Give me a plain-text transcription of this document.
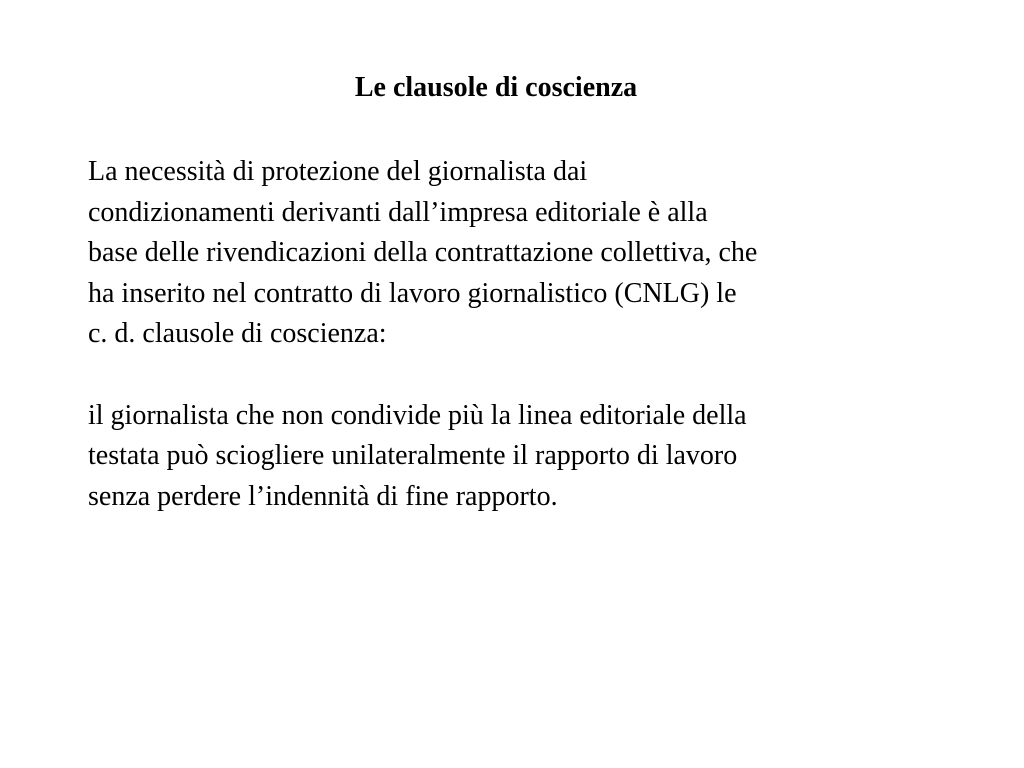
Le clausole di coscienza
La necessità di protezione del giornalista dai
condizionamenti derivanti dall’impresa editoriale è alla
base delle rivendicazioni della contrattazione collettiva, che
ha inserito nel contratto di lavoro giornalistico (CNLG) le
c. d. clausole di coscienza:
il giornalista che non condivide più la linea editoriale della
testata può sciogliere unilateralmente il rapporto di lavoro
senza perdere l’indennità di fine rapporto.
